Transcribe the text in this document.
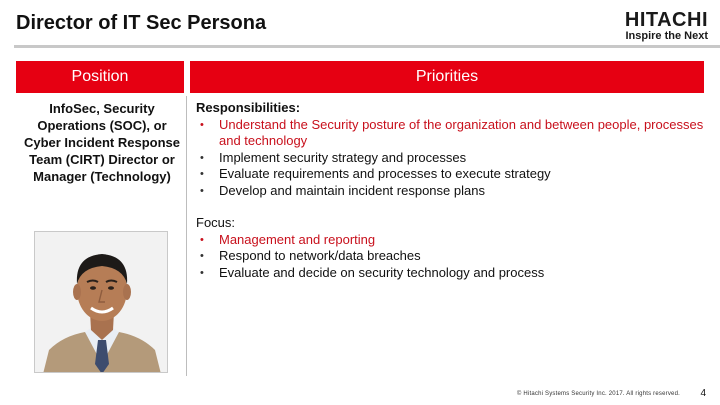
Director of IT Sec Persona	HITACHI
Inspire the Next
Position	Priorities
InfoSec, Security Operations (SOC), or Cyber Incident Response Team (CIRT) Director or Manager (Technology)
Responsibilities:
• Understand the Security posture of the organization and between people, processes and technology
• Implement security strategy and processes
• Evaluate requirements and processes to execute strategy
• Develop and maintain incident response plans
Focus:
• Management and reporting
• Respond to network/data breaches
• Evaluate and decide on security technology and process
© Hitachi Systems Security Inc. 2017. All rights reserved. 4
